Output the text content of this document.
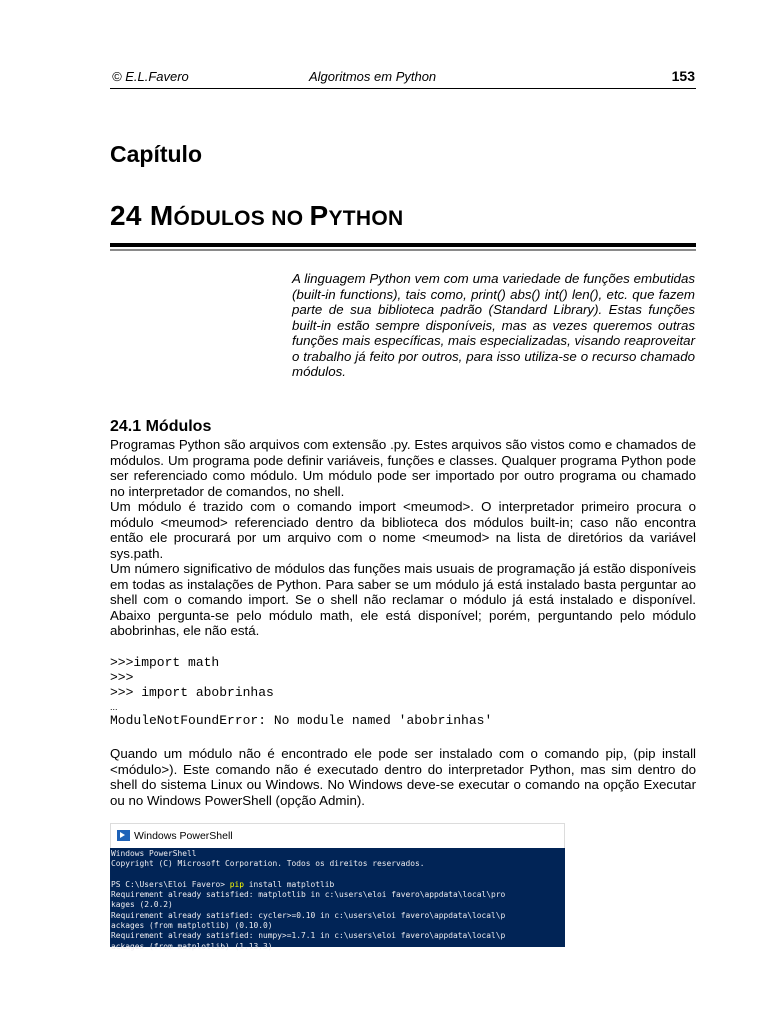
© E.L.Favero	Algoritmos em Python	153
Capítulo
24 MÓDULOS NO PYTHON
A linguagem Python vem com uma variedade de funções embutidas (built-in functions), tais como, print() abs() int() len(), etc. que fazem parte de sua biblioteca padrão (Standard Library). Estas funções built-in estão sempre disponíveis, mas as vezes queremos outras funções mais específicas, mais especializadas, visando reaproveitar o trabalho já feito por outros, para isso utiliza-se o recurso chamado módulos.
24.1 Módulos

Programas Python são arquivos com extensão .py. Estes arquivos são vistos como e chamados de módulos. Um programa pode definir variáveis, funções e classes. Qualquer programa Python pode ser referenciado como módulo. Um módulo pode ser importado por outro programa ou chamado no interpretador de comandos, no shell.

Um módulo é trazido com o comando import <meumod>. O interpretador primeiro procura o módulo <meumod> referenciado dentro da biblioteca dos módulos built-in; caso não encontra então ele procurará por um arquivo com o nome <meumod> na lista de diretórios da variável sys.path.

Um número significativo de módulos das funções mais usuais de programação já estão disponíveis em todas as instalações de Python. Para saber se um módulo já está instalado basta perguntar ao shell com o comando import. Se o shell não reclamar o módulo já está instalado e disponível. Abaixo pergunta-se pelo módulo math, ele está disponível; porém, perguntando pelo módulo abobrinhas, ele não está.

>>>import math
>>>
>>> import abobrinhas
...
ModuleNotFoundError: No module named 'abobrinhas'

Quando um módulo não é encontrado ele pode ser instalado com o comando pip, (pip install <módulo>). Este comando não é executado dentro do interpretador Python, mas sim dentro do shell do sistema Linux ou Windows. No Windows deve-se executar o comando na opção Executar ou no Windows PowerShell (opção Admin).

Windows PowerShell
Windows PowerShell
Copyright (C) Microsoft Corporation. Todos os direitos reservados.

PS C:\Users\Eloi Favero> pip install matplotlib
Requirement already satisfied: matplotlib in c:\users\eloi favero\appdata\local\pro
kages (2.0.2)
Requirement already satisfied: cycler>=0.10 in c:\users\eloi favero\appdata\local\p
ackages (from matplotlib) (0.10.0)
Requirement already satisfied: numpy>=1.7.1 in c:\users\eloi favero\appdata\local\p
ackages (from matplotlib) (1.13.3)
